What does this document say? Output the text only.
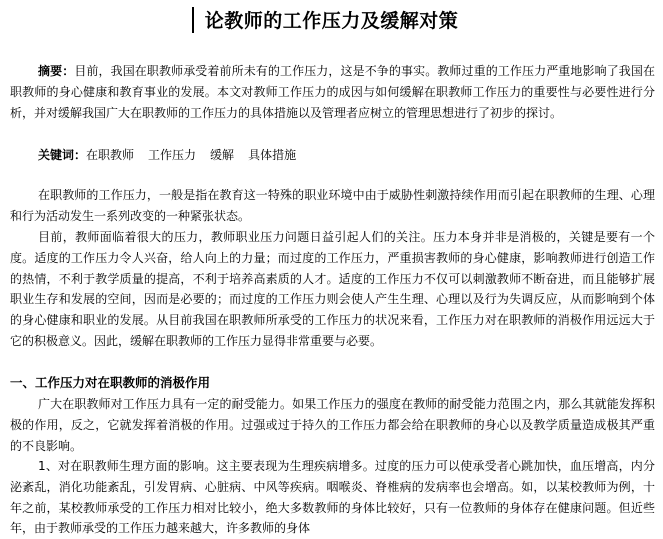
论教师的工作压力及缓解对策

摘要：目前，我国在职教师承受着前所未有的工作压力，这是不争的事实。教师过重的工作压力严重地影响了我国在职教师的身心健康和教育事业的发展。本文对教师工作压力的成因与如何缓解在职教师工作压力的重要性与必要性进行分析，并对缓解我国广大在职教师的工作压力的具体措施以及管理者应树立的管理思想进行了初步的探讨。

关键词：在职教师 工作压力 缓解 具体措施

在职教师的工作压力，一般是指在教育这一特殊的职业环境中由于威胁性刺激持续作用而引起在职教师的生理、心理和行为活动发生一系列改变的一种紧张状态。

目前，教师面临着很大的压力，教师职业压力问题日益引起人们的关注。压力本身并非是消极的，关键是要有一个度。适度的工作压力令人兴奋，给人向上的力量；而过度的工作压力，严重损害教师的身心健康，影响教师进行创造工作的热情，不利于教学质量的提高，不利于培养高素质的人才。适度的工作压力不仅可以刺激教师不断奋进，而且能够扩展职业生存和发展的空间，因而是必要的；而过度的工作压力则会使人产生生理、心理以及行为失调反应，从而影响到个体的身心健康和职业的发展。从目前我国在职教师所承受的工作压力的状况来看，工作压力对在职教师的消极作用远远大于它的积极意义。因此，缓解在职教师的工作压力显得非常重要与必要。

一、工作压力对在职教师的消极作用

广大在职教师对工作压力具有一定的耐受能力。如果工作压力的强度在教师的耐受能力范围之内，那么其就能发挥积极的作用，反之，它就发挥着消极的作用。过强或过于持久的工作压力都会给在职教师的身心以及教学质量造成极其严重的不良影响。

1、对在职教师生理方面的影响。这主要表现为生理疾病增多。过度的压力可以使承受者心跳加快，血压增高，内分泌紊乱，消化功能紊乱，引发胃病、心脏病、中风等疾病。咽喉炎、脊椎病的发病率也会增高。如，以某校教师为例，十年之前，某校教师承受的工作压力相对比较小，绝大多数教师的身体比较好，只有一位教师的身体存在健康问题。但近些年，由于教师承受的工作压力越来越大，许多教师的身体
